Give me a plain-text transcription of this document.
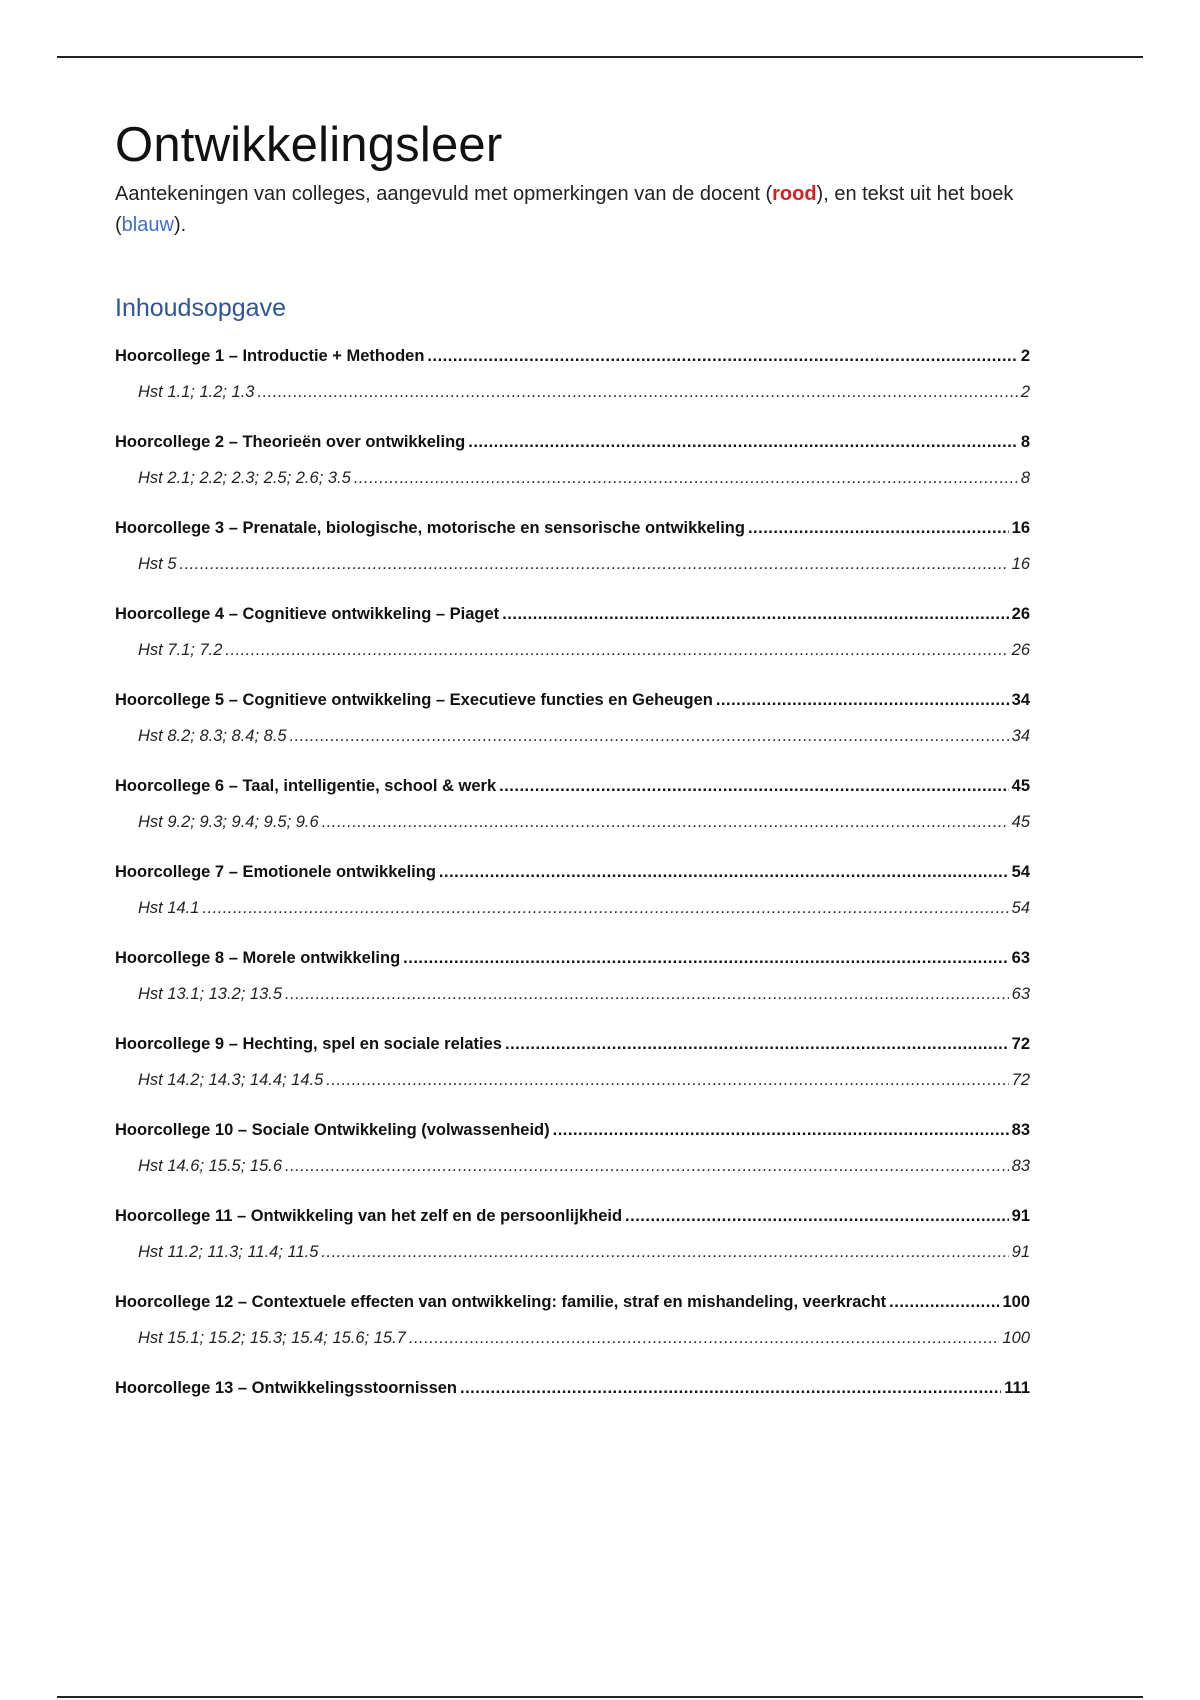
Ontwikkelingsleer

Aantekeningen van colleges, aangevuld met opmerkingen van de docent (rood), en tekst uit het boek (blauw).

Inhoudsopgave
Hoorcollege 1 – Introductie + Methoden .....	2
Hst 1.1; 1.2; 1.3 .....	2
Hoorcollege 2 – Theorieën over ontwikkeling .....	8
Hst 2.1; 2.2; 2.3; 2.5; 2.6; 3.5 .....	8
Hoorcollege 3 – Prenatale, biologische, motorische en sensorische ontwikkeling .....	16
Hst 5 .....	16
Hoorcollege 4 – Cognitieve ontwikkeling – Piaget .....	26
Hst 7.1; 7.2 .....	26
Hoorcollege 5 – Cognitieve ontwikkeling – Executieve functies en Geheugen .....	34
Hst 8.2; 8.3; 8.4; 8.5 .....	34
Hoorcollege 6 – Taal, intelligentie, school & werk .....	45
Hst 9.2; 9.3; 9.4; 9.5; 9.6 .....	45
Hoorcollege 7 – Emotionele ontwikkeling .....	54
Hst 14.1 .....	54
Hoorcollege 8 – Morele ontwikkeling .....	63
Hst 13.1; 13.2; 13.5 .....	63
Hoorcollege 9 – Hechting, spel en sociale relaties .....	72
Hst 14.2; 14.3; 14.4; 14.5 .....	72
Hoorcollege 10 – Sociale Ontwikkeling (volwassenheid) .....	83
Hst 14.6; 15.5; 15.6 .....	83
Hoorcollege 11 – Ontwikkeling van het zelf en de persoonlijkheid .....	91
Hst 11.2; 11.3; 11.4; 11.5 .....	91
Hoorcollege 12 – Contextuele effecten van ontwikkeling: familie, straf en mishandeling, veerkracht .....	100
Hst 15.1; 15.2; 15.3; 15.4; 15.6; 15.7 .....	100
Hoorcollege 13 – Ontwikkelingsstoornissen .....	111
